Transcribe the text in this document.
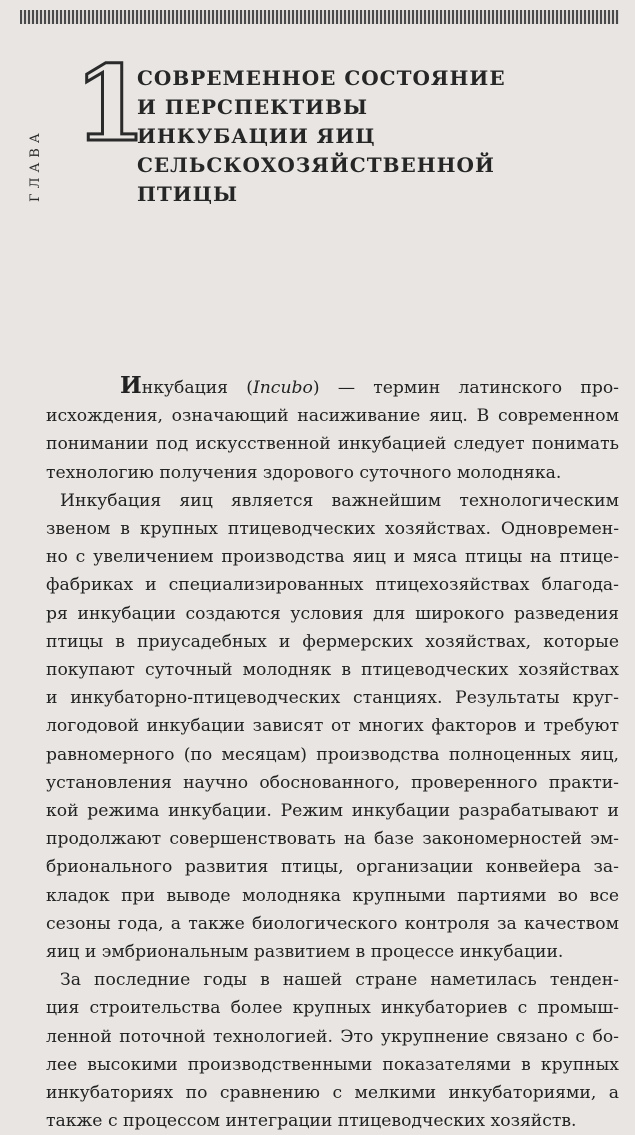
ГЛАВА
1
СОВРЕМЕННОЕ СОСТОЯНИЕ
И ПЕРСПЕКТИВЫ
ИНКУБАЦИИ ЯИЦ
СЕЛЬСКОХОЗЯЙСТВЕННОЙ
ПТИЦЫ
Инкубация (Incubo) — термин латинского про-
исхождения, означающий насиживание яиц. В современном
понимании под искусственной инкубацией следует понимать
технологию получения здорового суточного молодняка.
Инкубация яиц является важнейшим технологическим
звеном в крупных птицеводческих хозяйствах. Одновремен-
но с увеличением производства яиц и мяса птицы на птице-
фабриках и специализированных птицехозяйствах благода-
ря инкубации создаются условия для широкого разведения
птицы в приусадебных и фермерских хозяйствах, которые
покупают суточный молодняк в птицеводческих хозяйствах
и инкубаторно-птицеводческих станциях. Результаты круг-
логодовой инкубации зависят от многих факторов и требуют
равномерного (по месяцам) производства полноценных яиц,
установления научно обоснованного, проверенного практи-
кой режима инкубации. Режим инкубации разрабатывают и
продолжают совершенствовать на базе закономерностей эм-
брионального развития птицы, организации конвейера за-
кладок при выводе молодняка крупными партиями во все
сезоны года, а также биологического контроля за качеством
яиц и эмбриональным развитием в процессе инкубации.
За последние годы в нашей стране наметилась тенден-
ция строительства более крупных инкубаториев с промыш-
ленной поточной технологией. Это укрупнение связано с бо-
лее высокими производственными показателями в крупных
инкубаториях по сравнению с мелкими инкубаториями, а
также с процессом интеграции птицеводческих хозяйств.
